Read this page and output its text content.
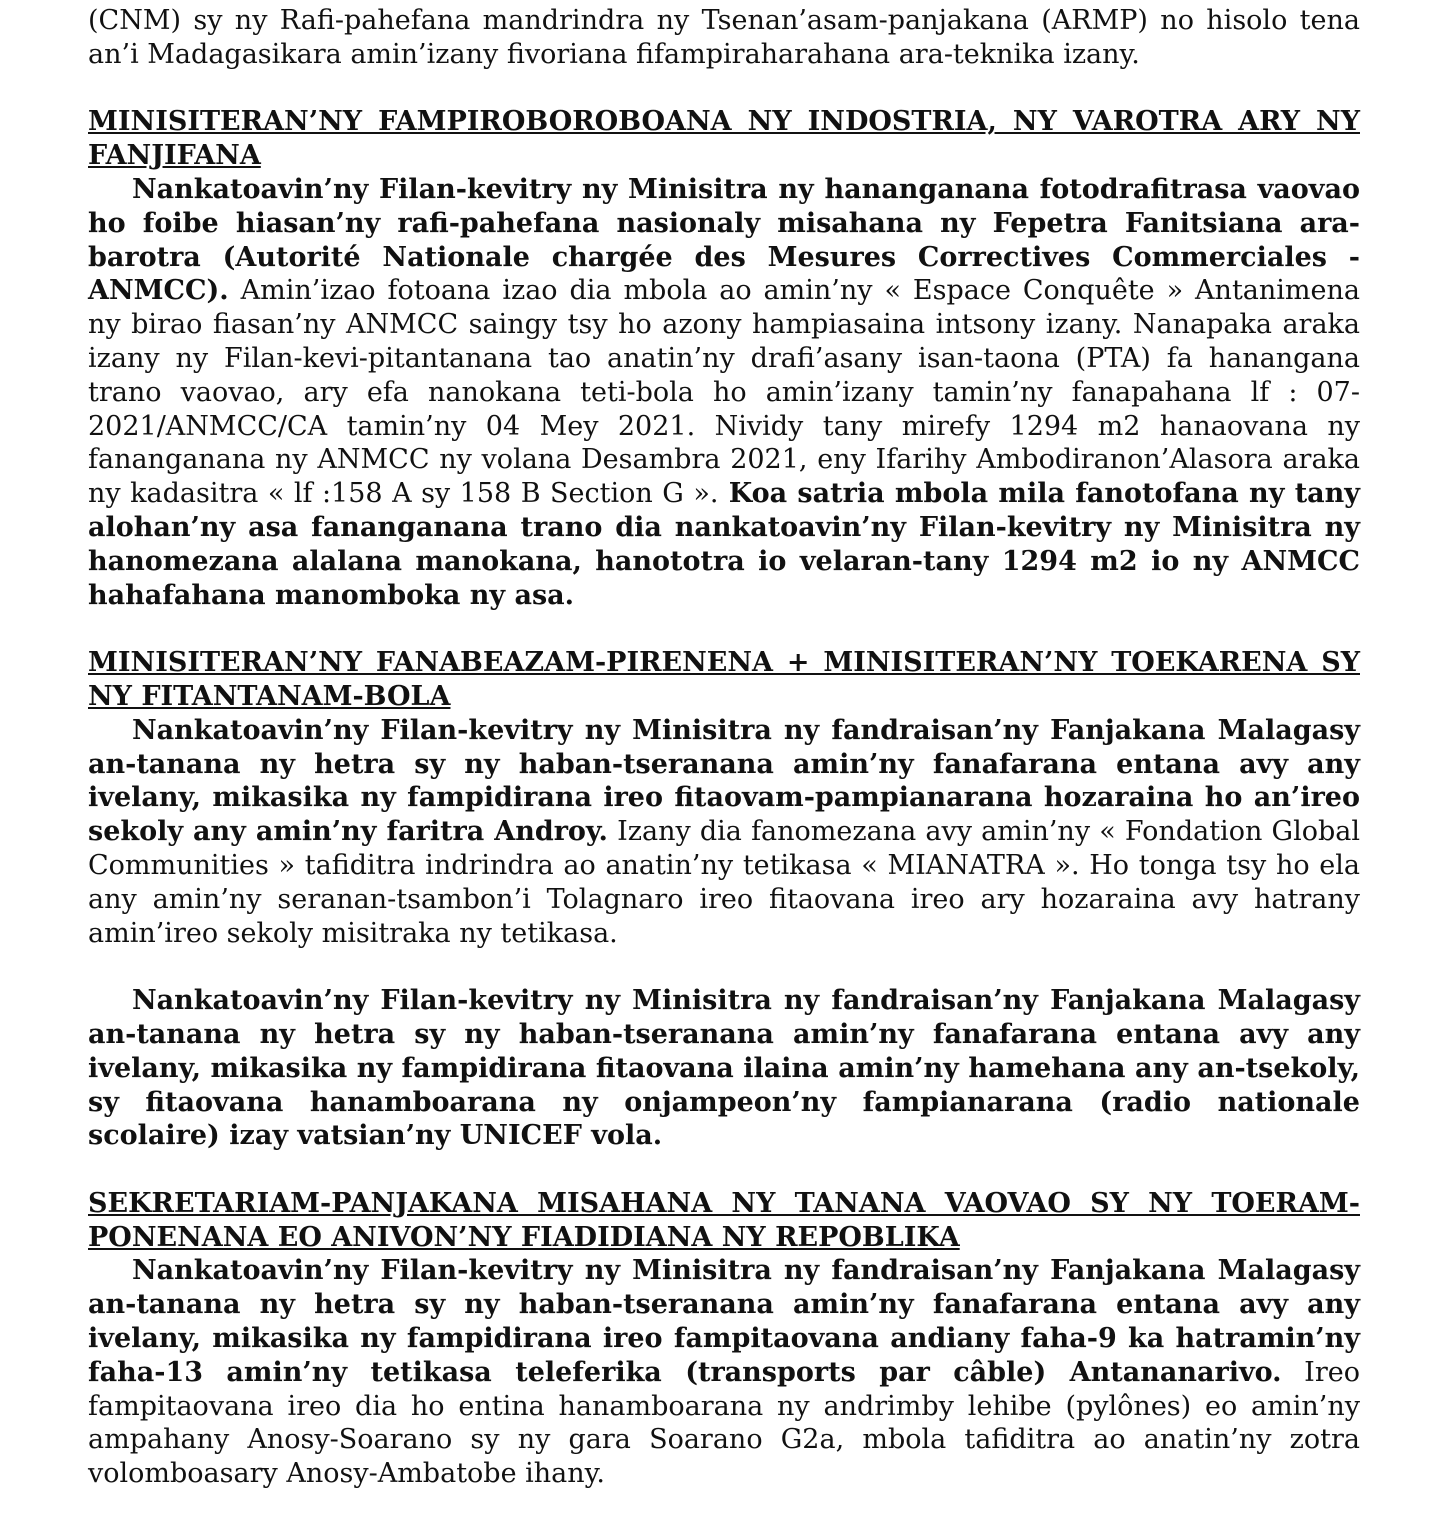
(CNM) sy ny Rafi-pahefana mandrindra ny Tsenan’asam-panjakana (ARMP) no hisolo tena an’i Madagasikara amin’izany fivoriana fifampiraharahana ara-teknika izany.

MINISITERAN’NY FAMPIROBOROBOANA NY INDOSTRIA, NY VAROTRA ARY NY FANJIFANA

Nankatoavin’ny Filan-kevitry ny Minisitra ny hananganana fotodrafitrasa vaovao ho foibe hiasan’ny rafi-pahefana nasionaly misahana ny Fepetra Fanitsiana ara-barotra (Autorité Nationale chargée des Mesures Correctives Commerciales - ANMCC). Amin’izao fotoana izao dia mbola ao amin’ny « Espace Conquête » Antanimena ny birao fiasan’ny ANMCC saingy tsy ho azony hampiasaina intsony izany. Nanapaka araka izany ny Filan-kevi-pitantanana tao anatin’ny drafi’asany isan-taona (PTA) fa hanangana trano vaovao, ary efa nanokana teti-bola ho amin’izany tamin’ny fanapahana lf : 07-2021/ANMCC/CA tamin’ny 04 Mey 2021. Nividy tany mirefy 1294 m2 hanaovana ny fananganana ny ANMCC ny volana Desambra 2021, eny Ifarihy Ambodiranon’Alasora araka ny kadasitra « lf :158 A sy 158 B Section G ». Koa satria mbola mila fanotofana ny tany alohan’ny asa fananganana trano dia nankatoavin’ny Filan-kevitry ny Minisitra ny hanomezana alalana manokana, hanototra io velaran-tany 1294 m2 io ny ANMCC hahafahana manomboka ny asa.

MINISITERAN’NY FANABEAZAM-PIRENENA + MINISITERAN’NY TOEKARENA SY NY FITANTANAM-BOLA

Nankatoavin’ny Filan-kevitry ny Minisitra ny fandraisan’ny Fanjakana Malagasy an-tanana ny hetra sy ny haban-tseranana amin’ny fanafarana entana avy any ivelany, mikasika ny fampidirana ireo fitaovam-pampianarana hozaraina ho an’ireo sekoly any amin’ny faritra Androy. Izany dia fanomezana avy amin’ny « Fondation Global Communities » tafiditra indrindra ao anatin’ny tetikasa « MIANATRA ». Ho tonga tsy ho ela any amin’ny seranan-tsambon’i Tolagnaro ireo fitaovana ireo ary hozaraina avy hatrany amin’ireo sekoly misitraka ny tetikasa.

Nankatoavin’ny Filan-kevitry ny Minisitra ny fandraisan’ny Fanjakana Malagasy an-tanana ny hetra sy ny haban-tseranana amin’ny fanafarana entana avy any ivelany, mikasika ny fampidirana fitaovana ilaina amin’ny hamehana any an-tsekoly, sy fitaovana hanamboarana ny onjampeon’ny fampianarana (radio nationale scolaire) izay vatsian’ny UNICEF vola.

SEKRETARIAM-PANJAKANA MISAHANA NY TANANA VAOVAO SY NY TOERAM-PONENANA EO ANIVON’NY FIADIDIANA NY REPOBLIKA

Nankatoavin’ny Filan-kevitry ny Minisitra ny fandraisan’ny Fanjakana Malagasy an-tanana ny hetra sy ny haban-tseranana amin’ny fanafarana entana avy any ivelany, mikasika ny fampidirana ireo fampitaovana andiany faha-9 ka hatramin’ny faha-13 amin’ny tetikasa teleferika (transports par câble) Antananarivo. Ireo fampitaovana ireo dia ho entina hanamboarana ny andrimby lehibe (pylônes) eo amin’ny ampahany Anosy-Soarano sy ny gara Soarano G2a, mbola tafiditra ao anatin’ny zotra volomboasary Anosy-Ambatobe ihany.
